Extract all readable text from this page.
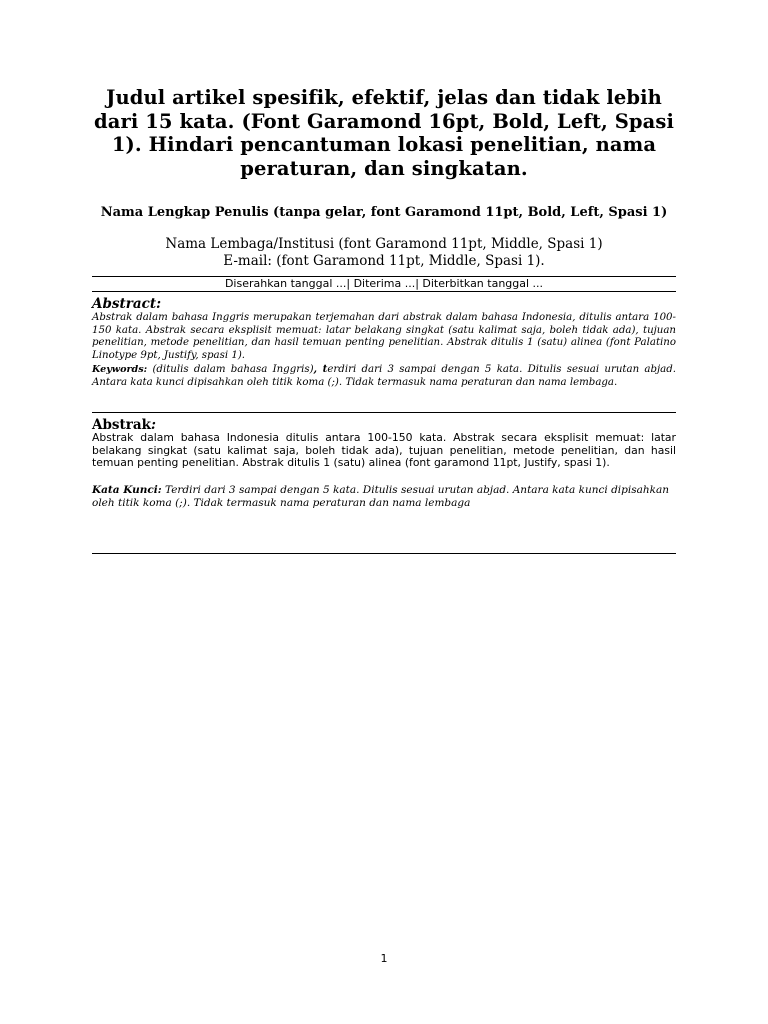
Judul artikel spesifik, efektif, jelas dan tidak lebih dari 15 kata. (Font Garamond 16pt, Bold, Left, Spasi 1). Hindari pencantuman lokasi penelitian, nama peraturan, dan singkatan.
Nama Lengkap Penulis (tanpa gelar, font Garamond 11pt, Bold, Left, Spasi 1)
Nama Lembaga/Institusi (font Garamond 11pt, Middle, Spasi 1)
E-mail: (font Garamond 11pt, Middle, Spasi 1).
Diserahkan tanggal ...| Diterima ...| Diterbitkan tanggal ...
Abstract:

Abstrak dalam bahasa Inggris merupakan terjemahan dari abstrak dalam bahasa Indonesia, ditulis antara 100-150 kata. Abstrak secara eksplisit memuat: latar belakang singkat (satu kalimat saja, boleh tidak ada), tujuan penelitian, metode penelitian, dan hasil temuan penting penelitian. Abstrak ditulis 1 (satu) alinea (font Palatino Linotype 9pt, Justify, spasi 1).

Keywords: (ditulis dalam bahasa Inggris), terdiri dari 3 sampai dengan 5 kata. Ditulis sesuai urutan abjad. Antara kata kunci dipisahkan oleh titik koma (;). Tidak termasuk nama peraturan dan nama lembaga.

Abstrak:

Abstrak dalam bahasa Indonesia ditulis antara 100-150 kata. Abstrak secara eksplisit memuat: latar belakang singkat (satu kalimat saja, boleh tidak ada), tujuan penelitian, metode penelitian, dan hasil temuan penting penelitian. Abstrak ditulis 1 (satu) alinea (font garamond 11pt, Justify, spasi 1).

Kata Kunci: Terdiri dari 3 sampai dengan 5 kata. Ditulis sesuai urutan abjad. Antara kata kunci dipisahkan oleh titik koma (;). Tidak termasuk nama peraturan dan nama lembaga

1
